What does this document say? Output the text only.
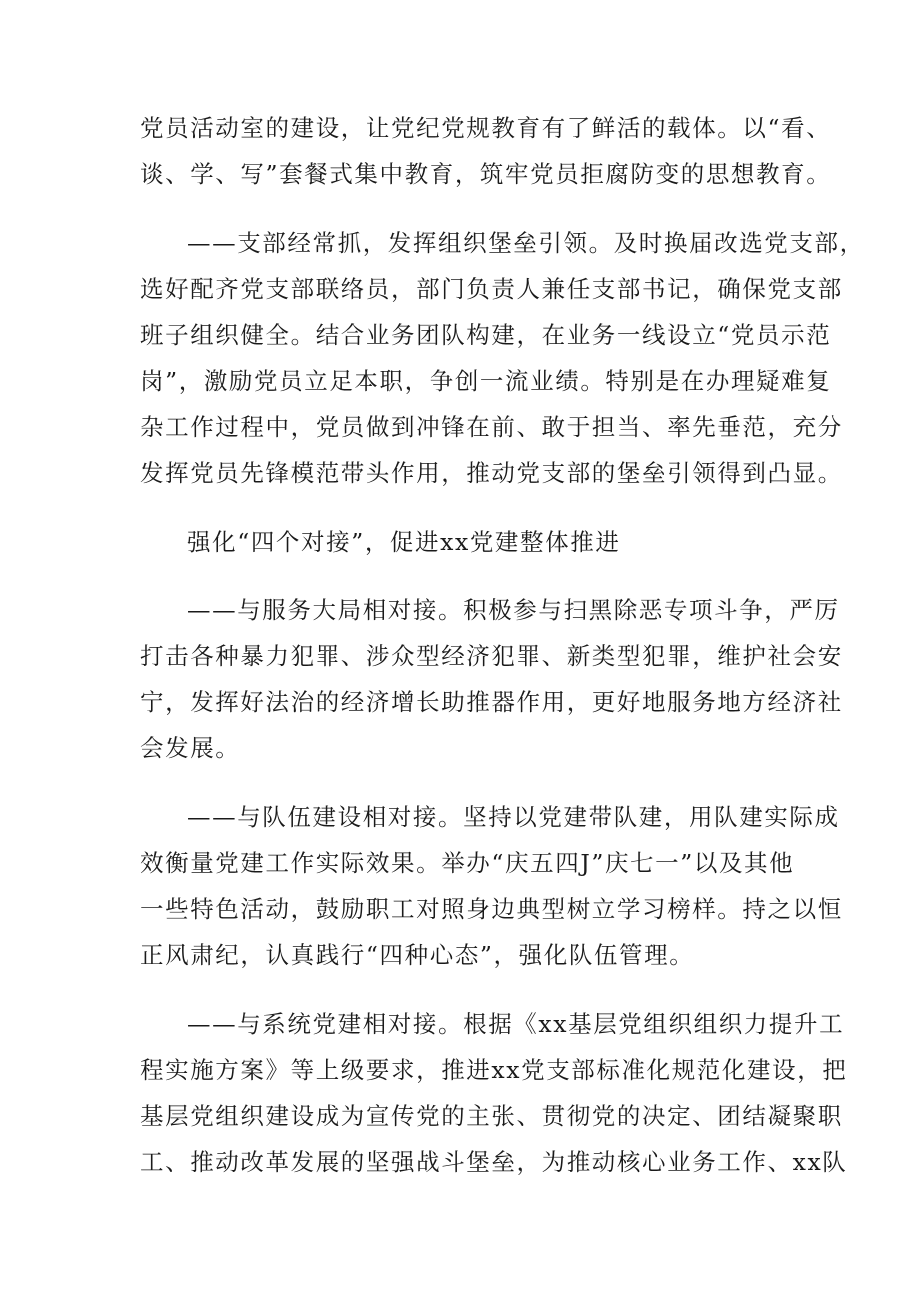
党员活动室的建设，让党纪党规教育有了鲜活的载体。以“看、
谈、学、写”套餐式集中教育，筑牢党员拒腐防变的思想教育。
——支部经常抓，发挥组织堡垒引领。及时换届改选党支部，
选好配齐党支部联络员，部门负责人兼任支部书记，确保党支部
班子组织健全。结合业务团队构建，在业务一线设立“党员示范
岗”，激励党员立足本职，争创一流业绩。特别是在办理疑难复
杂工作过程中，党员做到冲锋在前、敢于担当、率先垂范，充分
发挥党员先锋模范带头作用，推动党支部的堡垒引领得到凸显。
强化“四个对接”，促进xx党建整体推进
——与服务大局相对接。积极参与扫黑除恶专项斗争，严厉
打击各种暴力犯罪、涉众型经济犯罪、新类型犯罪，维护社会安
宁，发挥好法治的经济增长助推器作用，更好地服务地方经济社
会发展。
——与队伍建设相对接。坚持以党建带队建，用队建实际成
效衡量党建工作实际效果。举办“庆五四J”庆七一”以及其他
一些特色活动，鼓励职工对照身边典型树立学习榜样。持之以恒
正风肃纪，认真践行“四种心态”，强化队伍管理。
——与系统党建相对接。根据《xx基层党组织组织力提升工
程实施方案》等上级要求，推进xx党支部标准化规范化建设，把
基层党组织建设成为宣传党的主张、贯彻党的决定、团结凝聚职
工、推动改革发展的坚强战斗堡垒，为推动核心业务工作、xx队
